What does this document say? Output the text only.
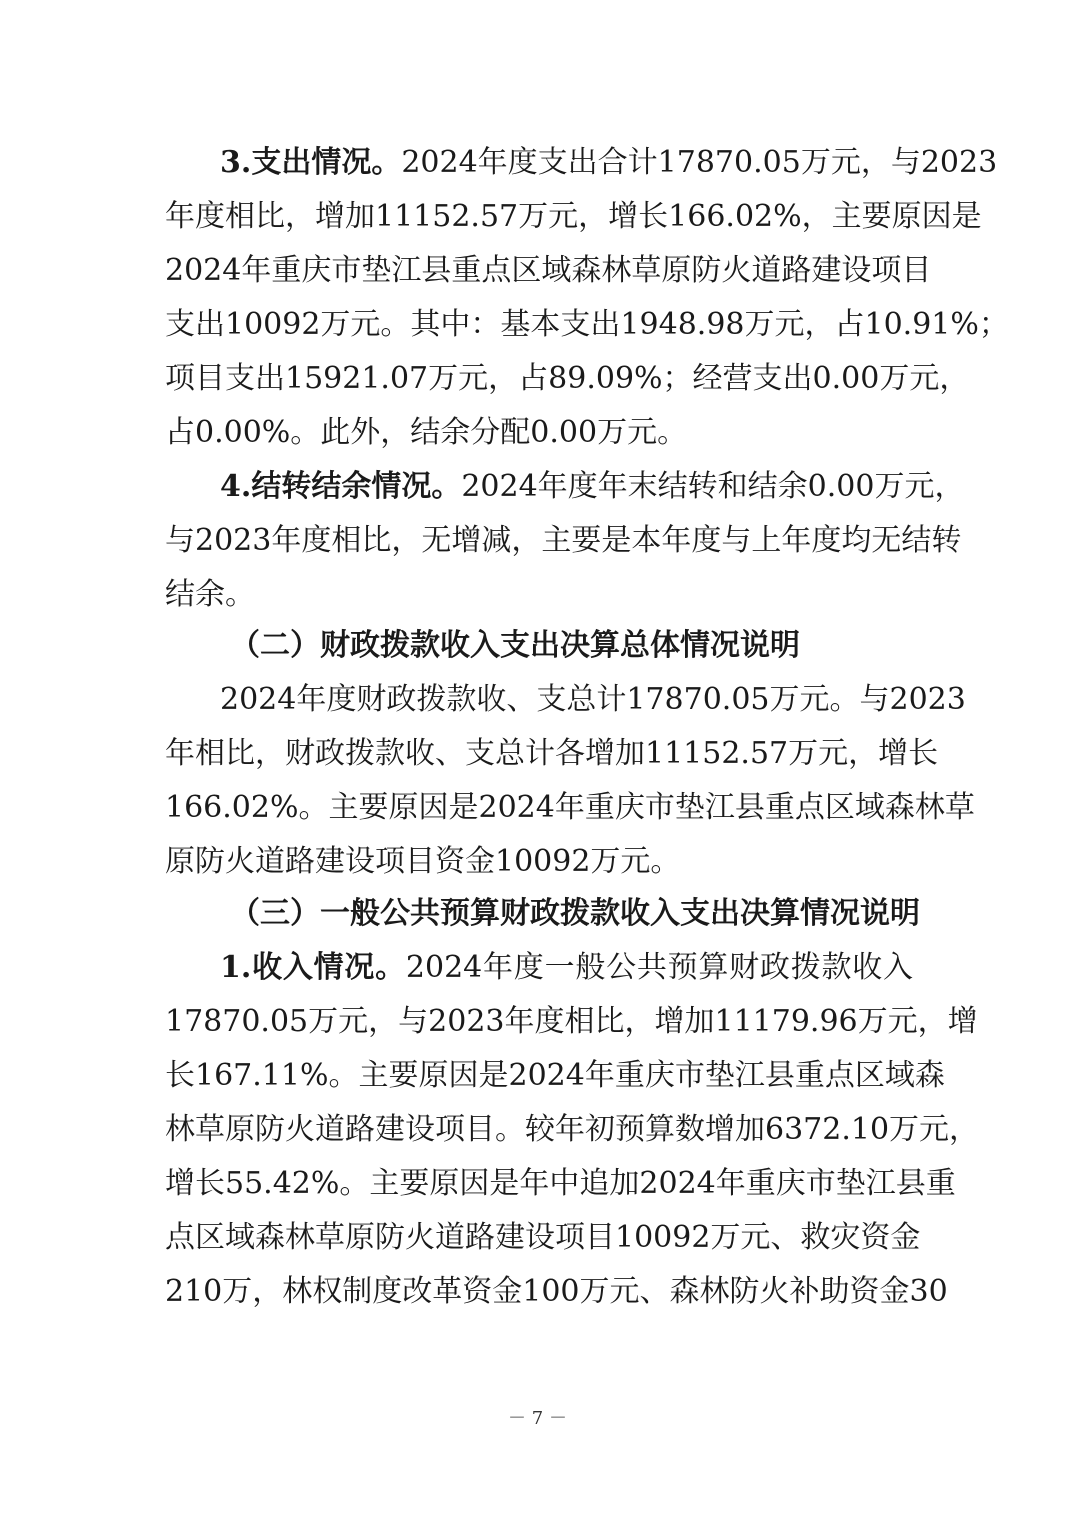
3.支出情况。2024年度支出合计17870.05万元，与2023
年度相比，增加11152.57万元，增长166.02%，主要原因是
2024年重庆市垫江县重点区域森林草原防火道路建设项目
支出10092万元。其中：基本支出1948.98万元，占10.91%；
项目支出15921.07万元，占89.09%；经营支出0.00万元，
占0.00%。此外，结余分配0.00万元。
4.结转结余情况。2024年度年末结转和结余0.00万元，
与2023年度相比，无增减，主要是本年度与上年度均无结转
结余。
（二）财政拨款收入支出决算总体情况说明
2024年度财政拨款收、支总计17870.05万元。与2023
年相比，财政拨款收、支总计各增加11152.57万元，增长
166.02%。主要原因是2024年重庆市垫江县重点区域森林草
原防火道路建设项目资金10092万元。
（三）一般公共预算财政拨款收入支出决算情况说明
1.收入情况。2024年度一般公共预算财政拨款收入
17870.05万元，与2023年度相比，增加11179.96万元，增
长167.11%。主要原因是2024年重庆市垫江县重点区域森
林草原防火道路建设项目。较年初预算数增加6372.10万元，
增长55.42%。主要原因是年中追加2024年重庆市垫江县重
点区域森林草原防火道路建设项目10092万元、救灾资金
210万，林权制度改革资金100万元、森林防火补助资金30
－ 7 －
